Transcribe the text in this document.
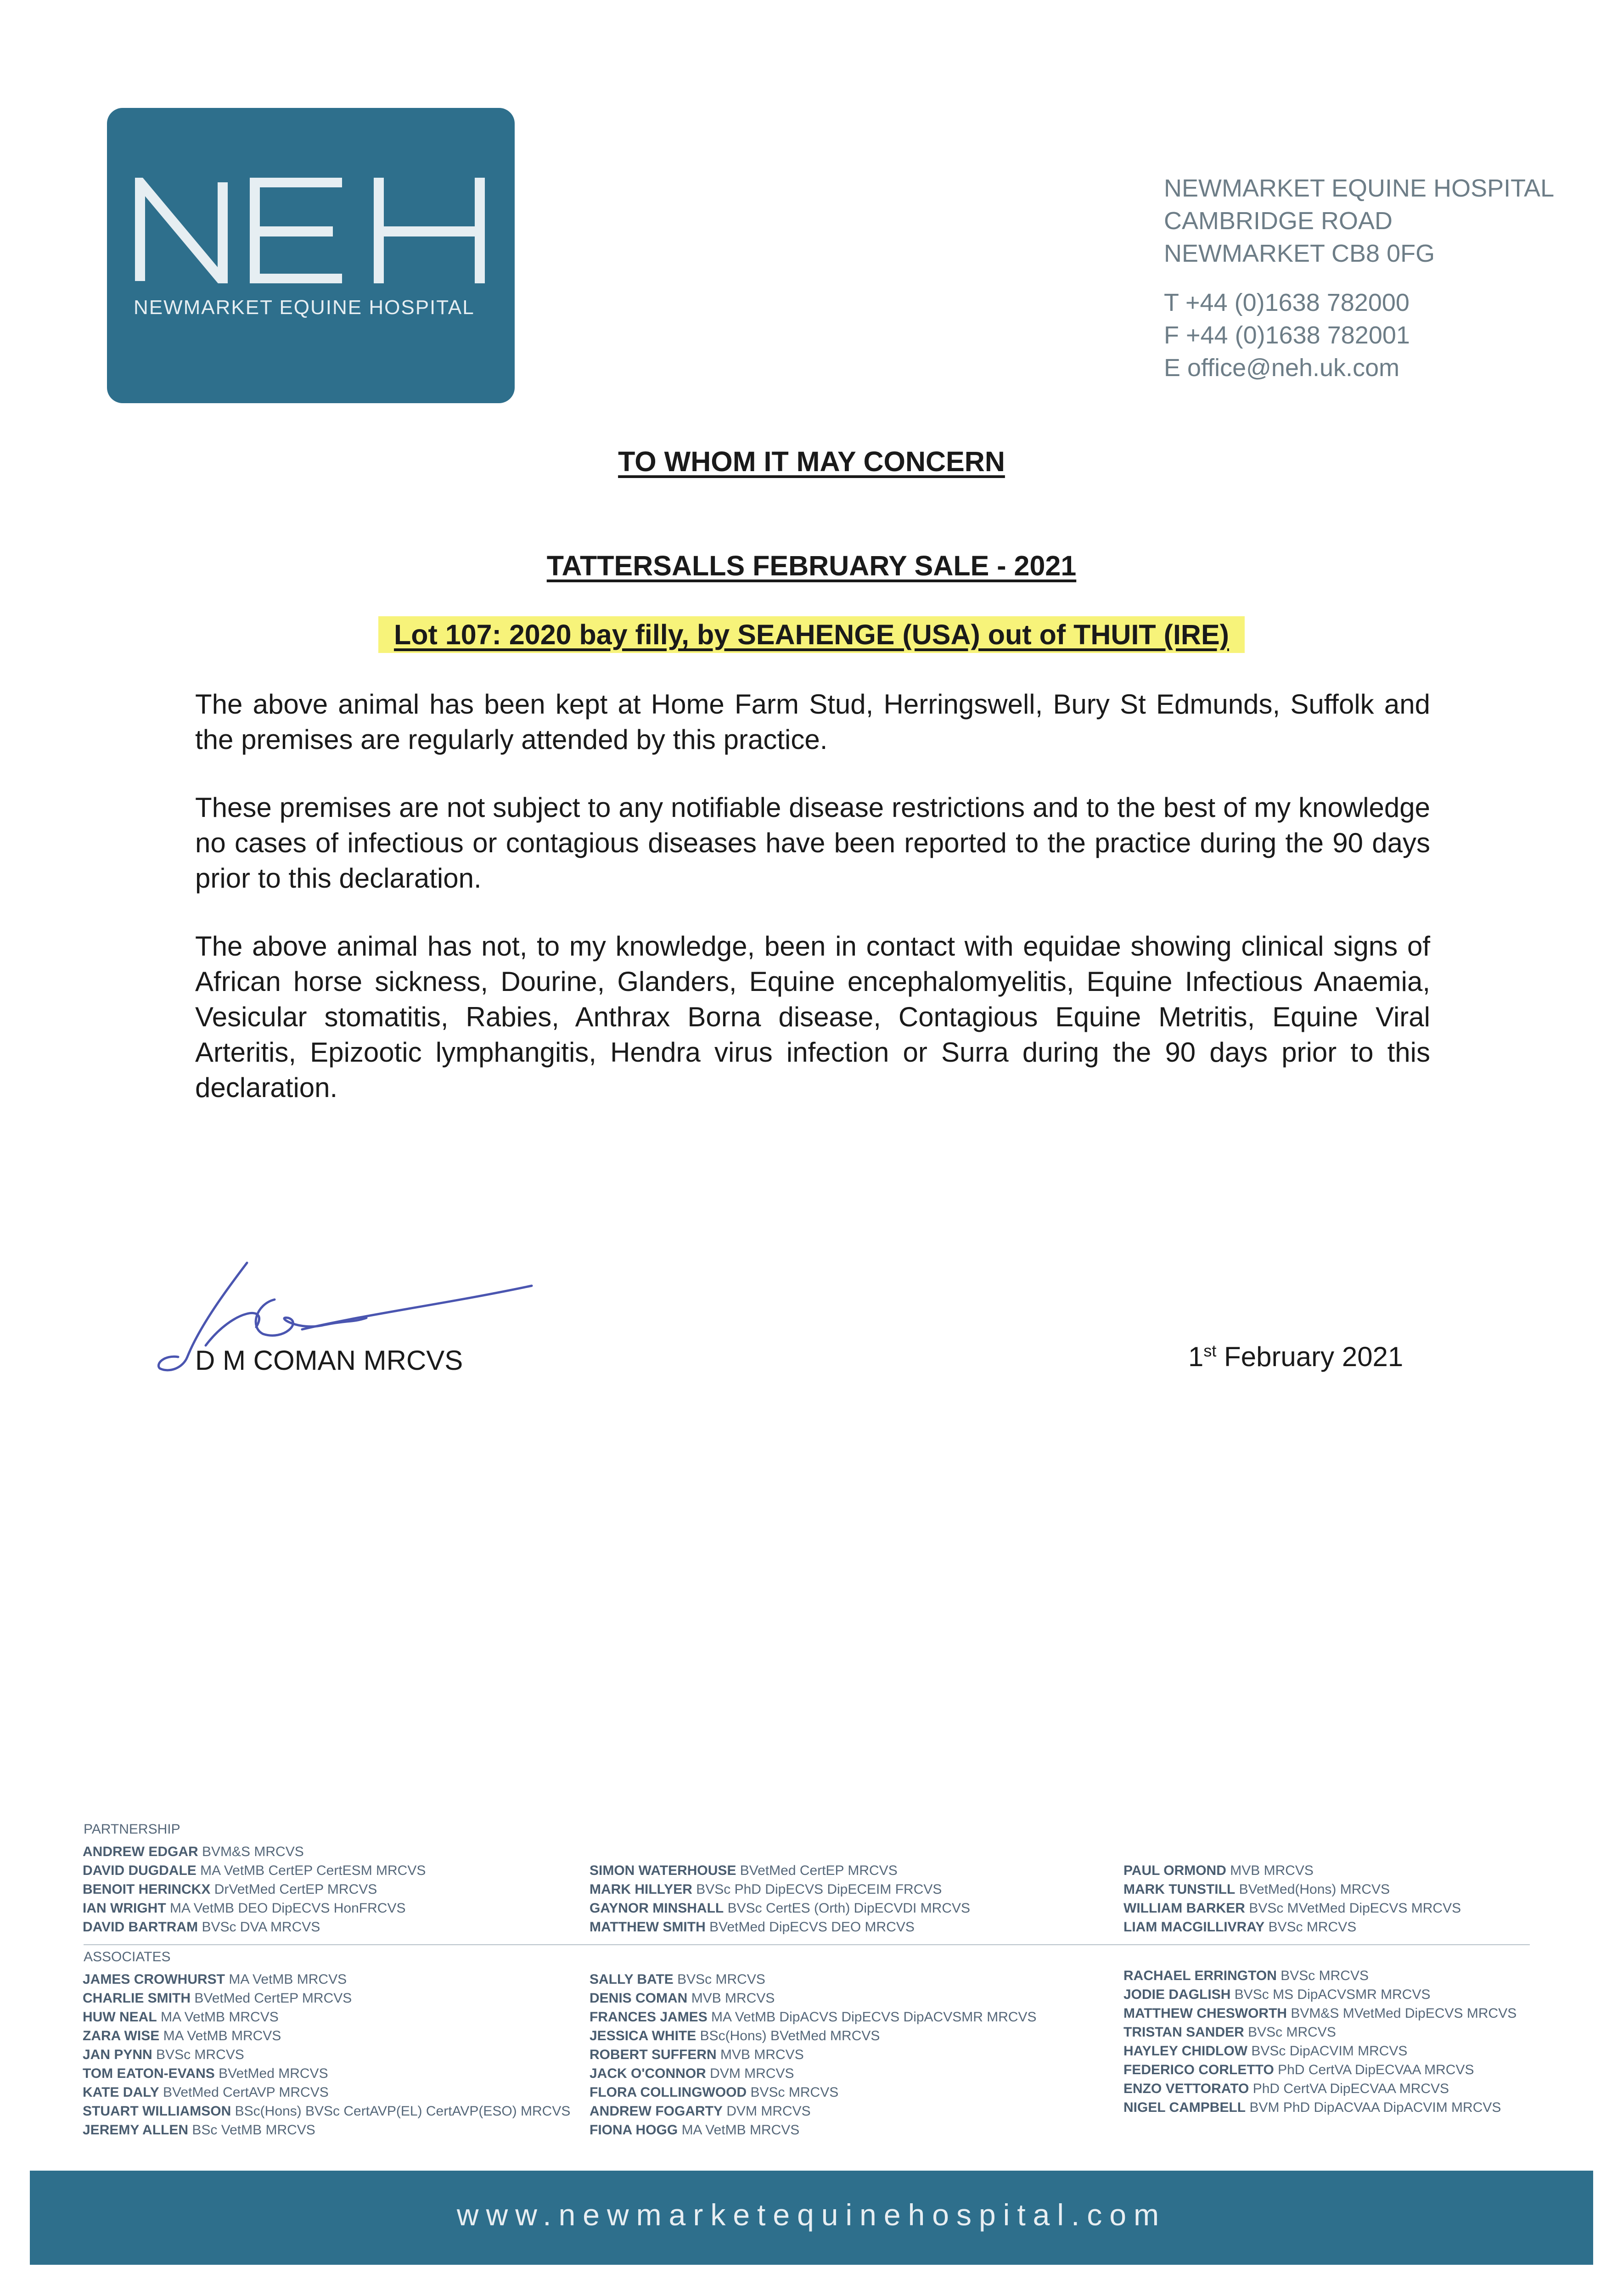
NEWMARKET EQUINE HOSPITAL
NEWMARKET EQUINE HOSPITAL
CAMBRIDGE ROAD
NEWMARKET CB8 0FG
T +44 (0)1638 782000
F +44 (0)1638 782001
E office@neh.uk.com
TO WHOM IT MAY CONCERN
TATTERSALLS FEBRUARY SALE - 2021
Lot 107: 2020 bay filly, by SEAHENGE (USA) out of THUIT (IRE)

The above animal has been kept at Home Farm Stud, Herringswell, Bury St Edmunds, Suffolk and the premises are regularly attended by this practice.

These premises are not subject to any notifiable disease restrictions and to the best of my knowledge no cases of infectious or contagious diseases have been reported to the practice during the 90 days prior to this declaration.

The above animal has not, to my knowledge, been in contact with equidae showing clinical signs of African horse sickness, Dourine, Glanders, Equine encephalomyelitis, Equine Infectious Anaemia, Vesicular stomatitis, Rabies, Anthrax Borna disease, Contagious Equine Metritis, Equine Viral Arteritis, Epizootic lymphangitis, Hendra virus infection or Surra during the 90 days prior to this declaration.

D M COMAN MRCVS	1st February 2021
PARTNERSHIP
ANDREW EDGAR BVM&S MRCVS
DAVID DUGDALE MA VetMB CertEP CertESM MRCVS
BENOIT HERINCKX DrVetMed CertEP MRCVS
IAN WRIGHT MA VetMB DEO DipECVS HonFRCVS
DAVID BARTRAM BVSc DVA MRCVS
SIMON WATERHOUSE BVetMed CertEP MRCVS
MARK HILLYER BVSc PhD DipECVS DipECEIM FRCVS
GAYNOR MINSHALL BVSc CertES (Orth) DipECVDI MRCVS
MATTHEW SMITH BVetMed DipECVS DEO MRCVS
PAUL ORMOND MVB MRCVS
MARK TUNSTILL BVetMed(Hons) MRCVS
WILLIAM BARKER BVSc MVetMed DipECVS MRCVS
LIAM MACGILLIVRAY BVSc MRCVS
ASSOCIATES
JAMES CROWHURST MA VetMB MRCVS
CHARLIE SMITH BVetMed CertEP MRCVS
HUW NEAL MA VetMB MRCVS
ZARA WISE MA VetMB MRCVS
JAN PYNN BVSc MRCVS
TOM EATON-EVANS BVetMed MRCVS
KATE DALY BVetMed CertAVP MRCVS
STUART WILLIAMSON BSc(Hons) BVSc CertAVP(EL) CertAVP(ESO) MRCVS
JEREMY ALLEN BSc VetMB MRCVS
SALLY BATE BVSc MRCVS
DENIS COMAN MVB MRCVS
FRANCES JAMES MA VetMB DipACVS DipECVS DipACVSMR MRCVS
JESSICA WHITE BSc(Hons) BVetMed MRCVS
ROBERT SUFFERN MVB MRCVS
JACK O'CONNOR DVM MRCVS
FLORA COLLINGWOOD BVSc MRCVS
ANDREW FOGARTY DVM MRCVS
FIONA HOGG MA VetMB MRCVS
RACHAEL ERRINGTON BVSc MRCVS
JODIE DAGLISH BVSc MS DipACVSMR MRCVS
MATTHEW CHESWORTH BVM&S MVetMed DipECVS MRCVS
TRISTAN SANDER BVSc MRCVS
HAYLEY CHIDLOW BVSc DipACVIM MRCVS
FEDERICO CORLETTO PhD CertVA DipECVAA MRCVS
ENZO VETTORATO PhD CertVA DipECVAA MRCVS
NIGEL CAMPBELL BVM PhD DipACVAA DipACVIM MRCVS
www.newmarketequinehospital.com
